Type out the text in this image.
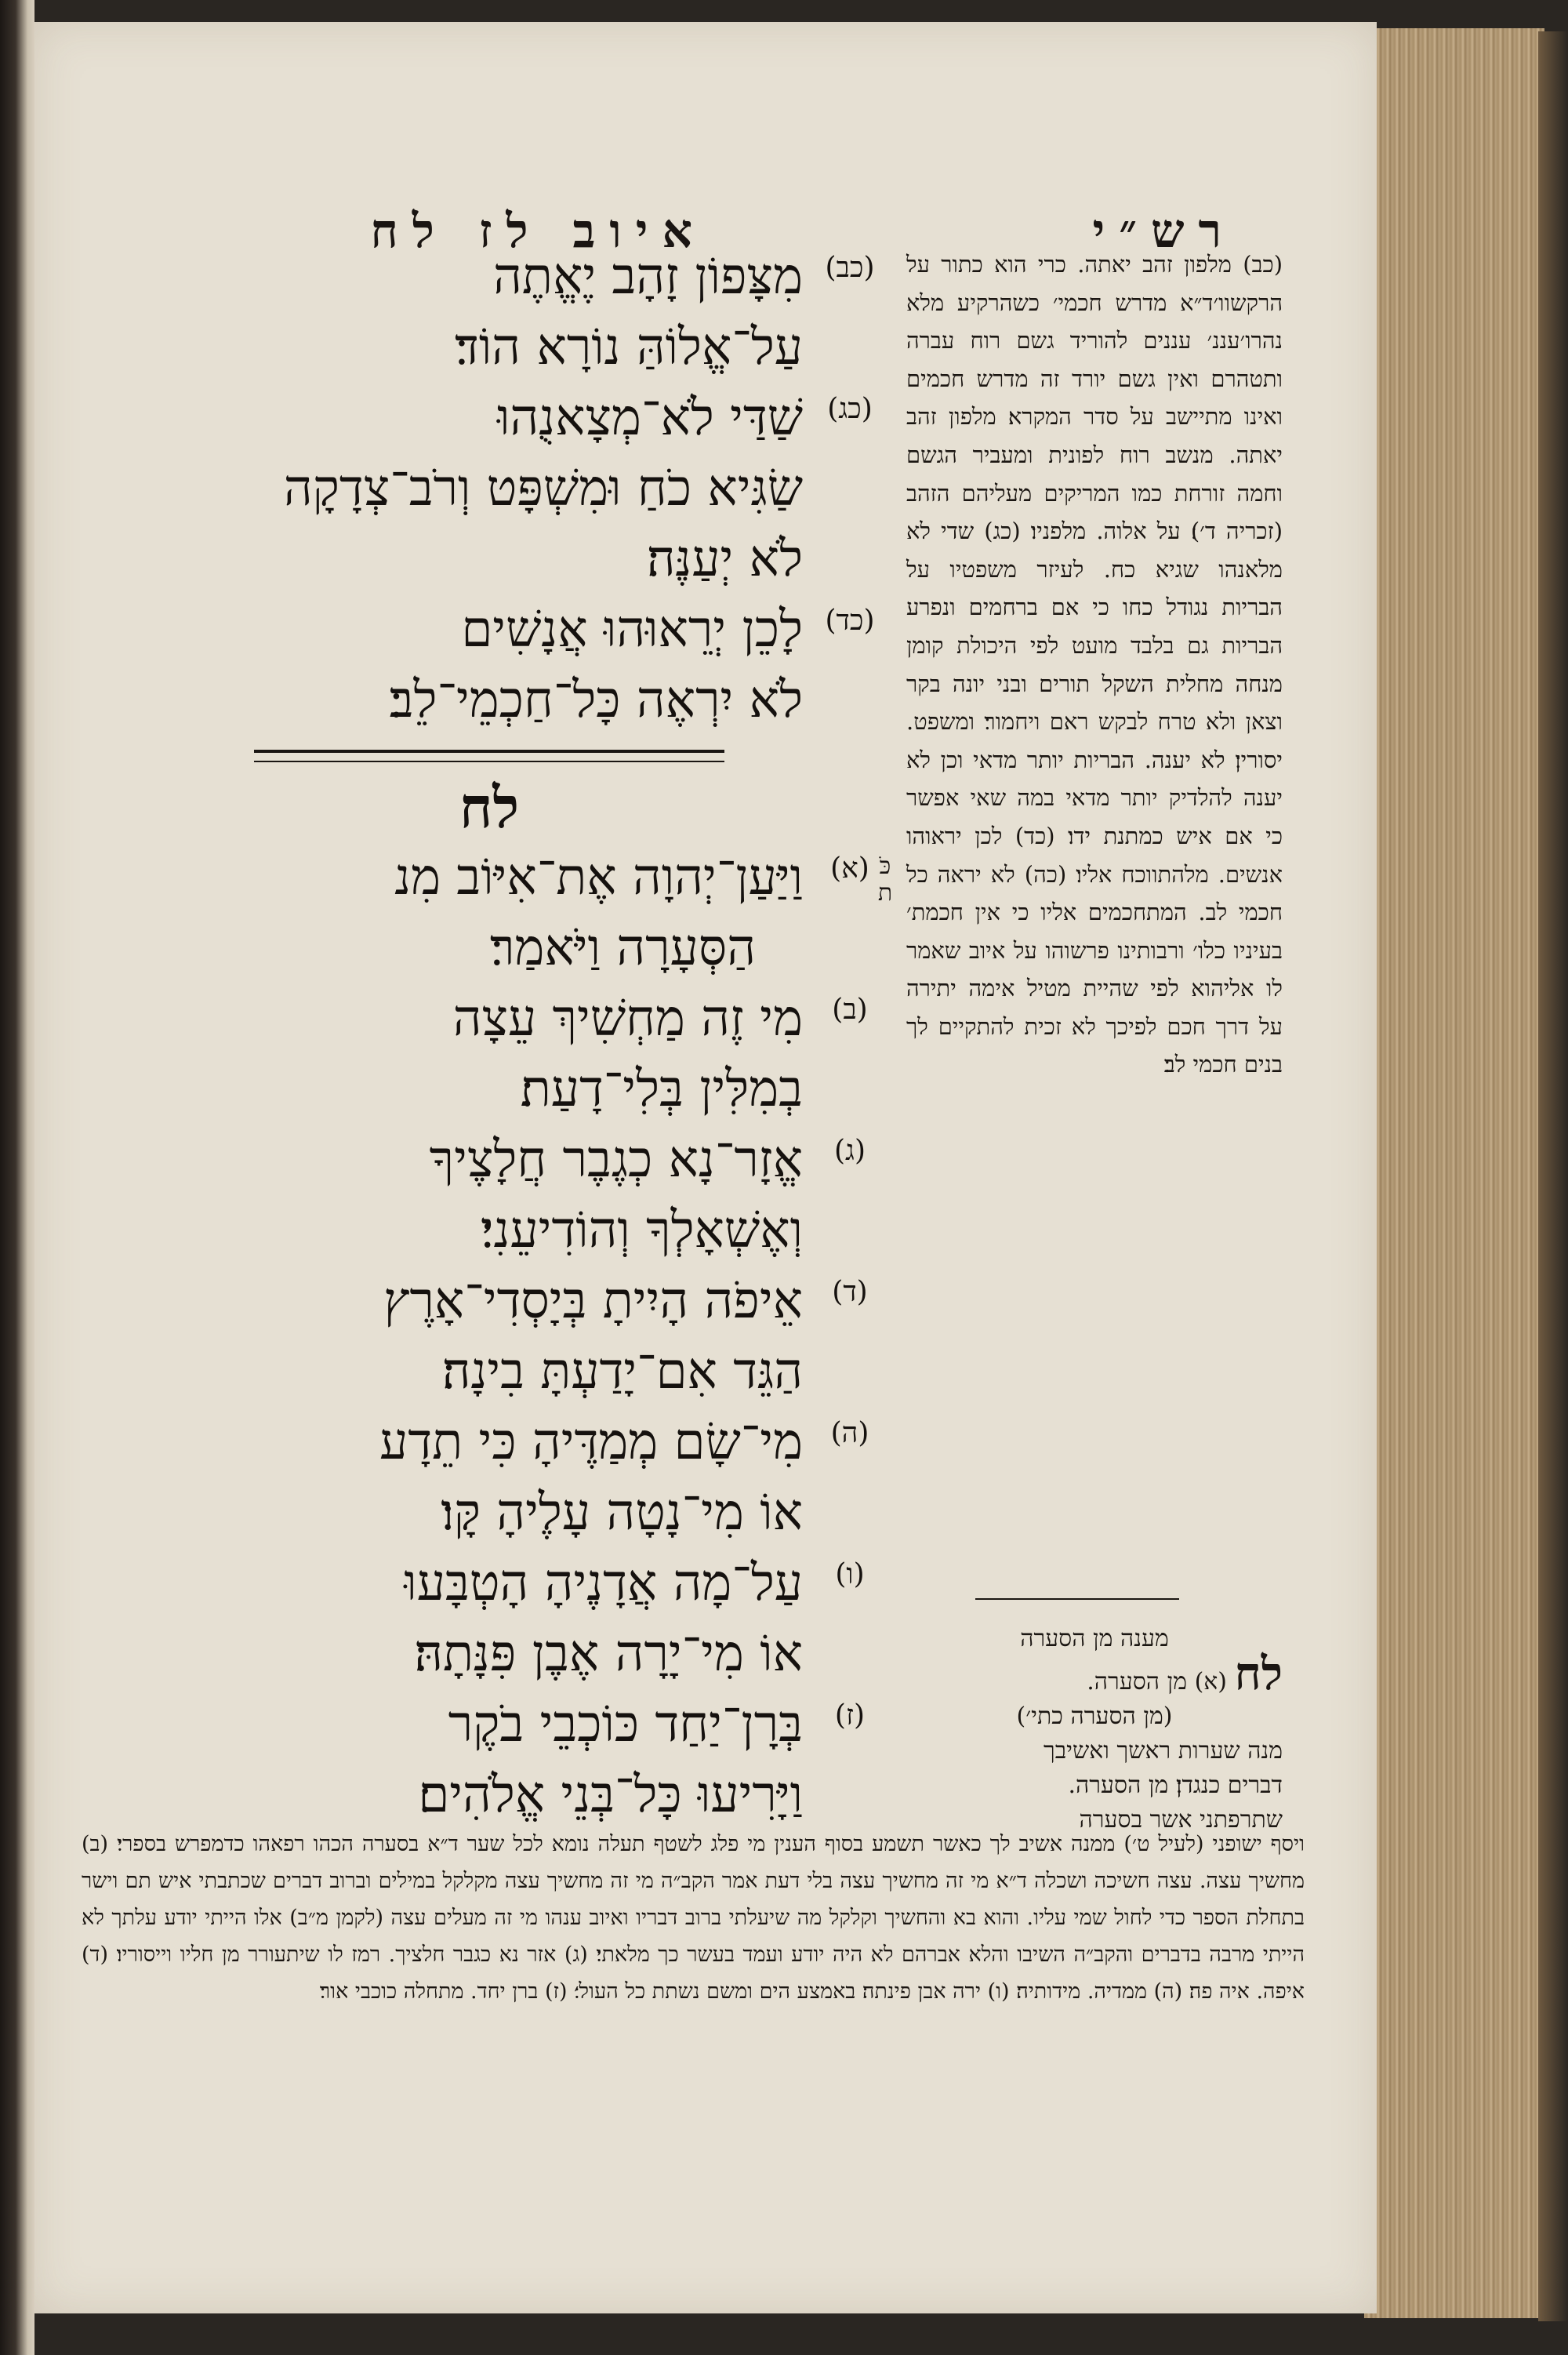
רש״י
איוב לז לח
(כב)
מִצָּפוֹן זָהָב יֶאֱתֶה
עַל־אֱלוֹהַּ נוֹרָא הוֹד׃
(כג)
שַׁדַּי לֹא־מְצָאנֻהוּ
שַׂגִּיא כֹחַ וּמִשְׁפָּט וְרֹב־צְדָקָה
לֹא יְעַנֶּה׃
(כד)
לָכֵן יְרֵאוּהוּ אֲנָשִׁים
לֹא יִרְאֶה כָּל־חַכְמֵי־לֵב׃
לח
(א)
וַיַּעַן־יְהוָה אֶת־אִיּוֹב מִנ
הַסְּעָרָה וַיֹּאמַר׃
(ב)
מִי זֶה מַחְשִׁיךְ עֵצָה
בְמִלִּין בְּלִי־דָעַת׃
(ג)
אֱזָר־נָא כְגֶבֶר חֲלָצֶיךָ
וְאֶשְׁאָלְךָ וְהוֹדִיעֵנִי׃
(ד)
אֵיפֹה הָיִיתָ בְּיָסְדִי־אָרֶץ
הַגֵּד אִם־יָדַעְתָּ בִינָה׃
(ה)
מִי־שָׂם מְמַדֶּיהָ כִּי תֵדָע
אוֹ מִי־נָטָה עָלֶיהָ קָּו׃
(ו)
עַל־מָה אֲדָנֶיהָ הָטְבָּעוּ
אוֹ מִי־יָרָה אֶבֶן פִּנָּתָהּ׃
(ז)
בְּרָן־יַחַד כּוֹכְבֵי בֹקֶר
וַיָּרִיעוּ כָּל־בְּנֵי אֱלֹהִים׃
כֹּ
ת
(כב) מלפון זהב יאתה. כרי הוא כתור על הרקשוו׳ד״א מדרש חכמי׳ כשהרקיע מלא נהרו׳עננ׳ עננים להוריד גשם רוח עברה ותטהרם ואין גשם יורד זה מדרש חכמים ואינו מתיישב על סדר המקרא׃ מלפון זהב יאתה. מנשב רוח לפונית ומעביר הגשם וחמה זורחת כמו המריקים מעליהם הזהב (זכריה ד׳)׃ על אלוה. מלפניו׃ (כג) שדי לא מלאנהו שגיא כח. לעיזר משפטיו על הבריות נגודל כחו כי אם ברחמים ונפרע הבריות גם בלבד מועט לפי היכולת קומן מנחה מחלית השקל תורים ובני יונה בקר וצאן ולא טרח לבקש ראם ויחמור׃ ומשפט. יסורין׃ לא יענה. הבריות יותר מדאי וכן לא יענה להלדיק יותר מדאי במה שאי אפשר כי אם איש כמתנת ידו׃ (כד) לכן יראוהו אנשים. מלהתווכח אליו׃ (כה) לא יראה כל חכמי לב. המתחכמים אליו כי אין חכמת׳ בעיניו כלו׳ ורבותינו פרשוהו על איוב שאמר לו אליהוא לפי שהיית מטיל אימה יתירה על דרך חכם לפיכך לא זכית להתקיים לך בנים חכמי לב׃
מענה מן הסערה
לח (א) מן הסערה.
(מן הסערה כתי׳)
מנה שערות ראשך ואשיבך
דברים כנגדן׃ מן הסערה.
שתרפתני אשר בסערה
ויסף ישופני (לעיל ט׳) ממנה אשיב לך כאשר תשמע בסוף הענין מי פלג לשטף תעלה נומא לכל שער ד״א בסערה הכהו רפאהו כדמפרש בספרי׃ (ב) מחשיך עצה. עצה חשיכה ושכלה ד״א מי זה מחשיך עצה בלי דעת אמר הקב״ה מי זה מחשיך עצה מקלקל במילים וברוב דברים שכתבתי איש תם וישר בתחלת הספר כדי לחול שמי עליו. והוא בא והחשיך וקלקל מה שיעלתי ברוב דבריו ואיוב ענהו מי זה מעלים עצה (לקמן מ״ב) אלו הייתי יודע עלתך לא הייתי מרבה בדברים והקב״ה השיבו והלא אברהם לא היה יודע ועמד בעשר כך מלאתי׃ (ג) אזר נא כגבר חלציך. רמז לו שיתעורר מן חליו וייסוריו׃ (ד) איפה. איה פה׃ (ה) ממדיה. מידותיה׃ (ו) ירה אבן פינתה׃ באמצע הים ומשם נשתת כל העול׳׃ (ז) ברן יחד. מתחלה כוכבי אור׃
